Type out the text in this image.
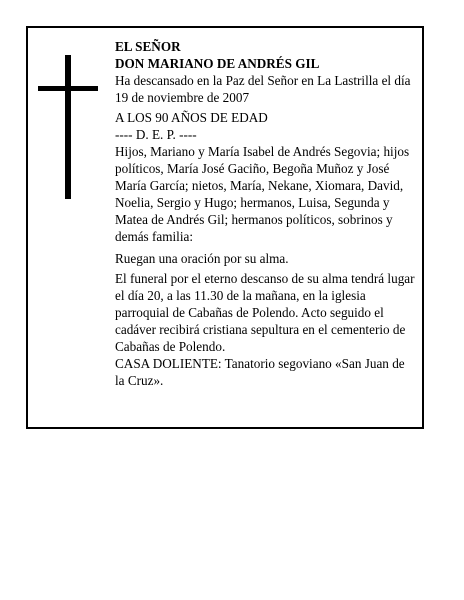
EL SEÑOR

DON MARIANO DE ANDRÉS GIL

Ha descansado en la Paz del Señor en La Lastrilla el día 19 de noviembre de 2007

A LOS 90 AÑOS DE EDAD

---- D. E. P. ----

Hijos, Mariano y María Isabel de Andrés Segovia; hijos políticos, María José Gaciño, Begoña Muñoz y José María García; nietos, María, Nekane, Xiomara, David, Noelia, Sergio y Hugo; hermanos, Luisa, Segunda y Matea de Andrés Gil; hermanos políticos, sobrinos y demás familia:

Ruegan una oración por su alma.

El funeral por el eterno descanso de su alma tendrá lugar el día 20, a las 11.30 de la mañana, en la iglesia parroquial de Cabañas de Polendo. Acto seguido el cadáver recibirá cristiana sepultura en el cementerio de Cabañas de Polendo.

CASA DOLIENTE: Tanatorio segoviano «San Juan de la Cruz».
